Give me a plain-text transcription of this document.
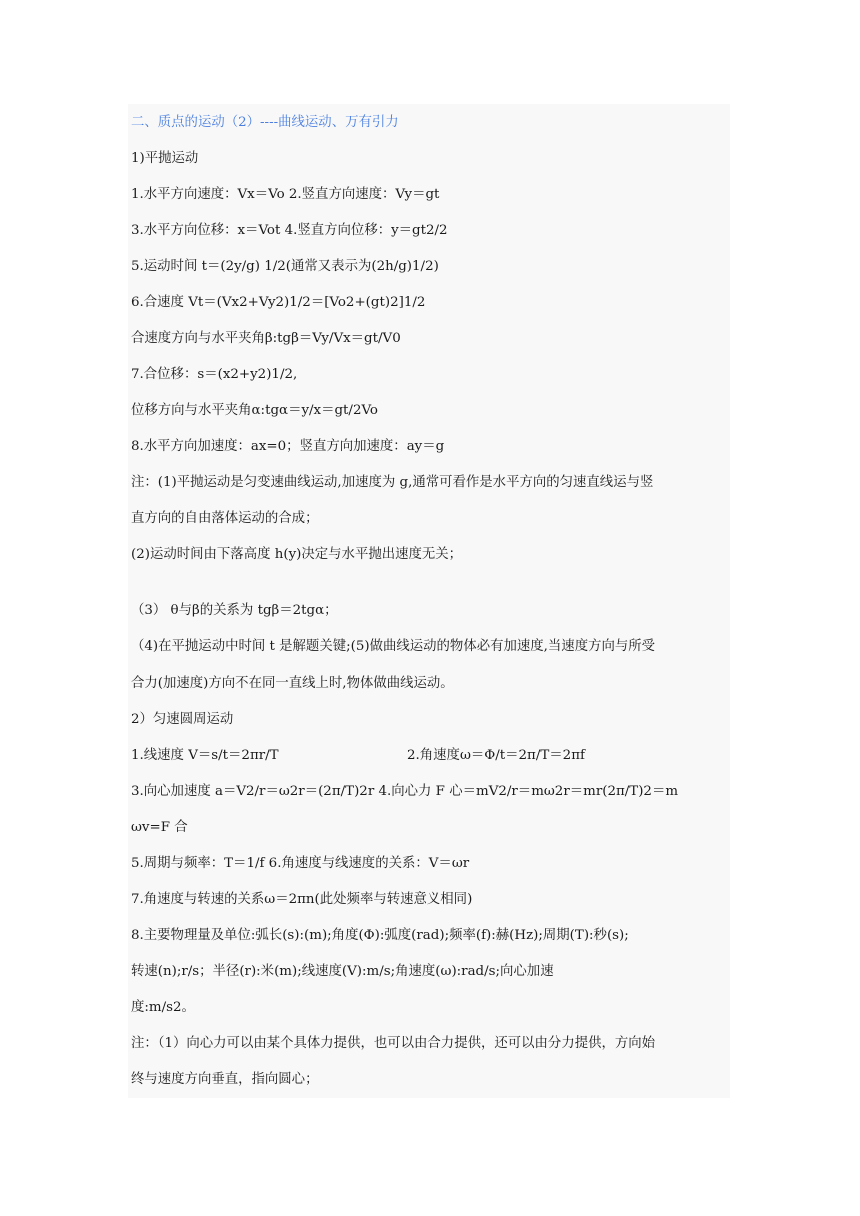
二、质点的运动（2）----曲线运动、万有引力
1)平抛运动
1.水平方向速度：Vx＝Vo 2.竖直方向速度：Vy＝gt
3.水平方向位移：x＝Vot 4.竖直方向位移：y＝gt2/2
5.运动时间 t＝(2y/g) 1/2(通常又表示为(2h/g)1/2)
6.合速度 Vt＝(Vx2+Vy2)1/2＝[Vo2+(gt)2]1/2
合速度方向与水平夹角β:tgβ＝Vy/Vx＝gt/V0
7.合位移：s＝(x2+y2)1/2,
位移方向与水平夹角α:tgα＝y/x＝gt/2Vo
8.水平方向加速度：ax=0；竖直方向加速度：ay＝g
注：(1)平抛运动是匀变速曲线运动,加速度为 g,通常可看作是水平方向的匀速直线运与竖
直方向的自由落体运动的合成；
(2)运动时间由下落高度 h(y)决定与水平抛出速度无关；
（3） θ与β的关系为 tgβ＝2tgα；
（4)在平抛运动中时间 t 是解题关键;(5)做曲线运动的物体必有加速度,当速度方向与所受
合力(加速度)方向不在同一直线上时,物体做曲线运动。
2）匀速圆周运动
1.线速度 V＝s/t＝2πr/T	2.角速度ω＝Φ/t＝2π/T＝2πf
3.向心加速度 a＝V2/r＝ω2r＝(2π/T)2r 4.向心力 F 心＝mV2/r＝mω2r＝mr(2π/T)2＝m
ωv=F 合
5.周期与频率：T＝1/f 6.角速度与线速度的关系：V＝ωr
7.角速度与转速的关系ω＝2πn(此处频率与转速意义相同)
8.主要物理量及单位:弧长(s):(m);角度(Φ):弧度(rad);频率(f):赫(Hz);周期(T):秒(s);
转速(n);r/s；半径(r):米(m);线速度(V):m/s;角速度(ω):rad/s;向心加速
度:m/s2。
注：（1）向心力可以由某个具体力提供，也可以由合力提供，还可以由分力提供，方向始
终与速度方向垂直，指向圆心；
